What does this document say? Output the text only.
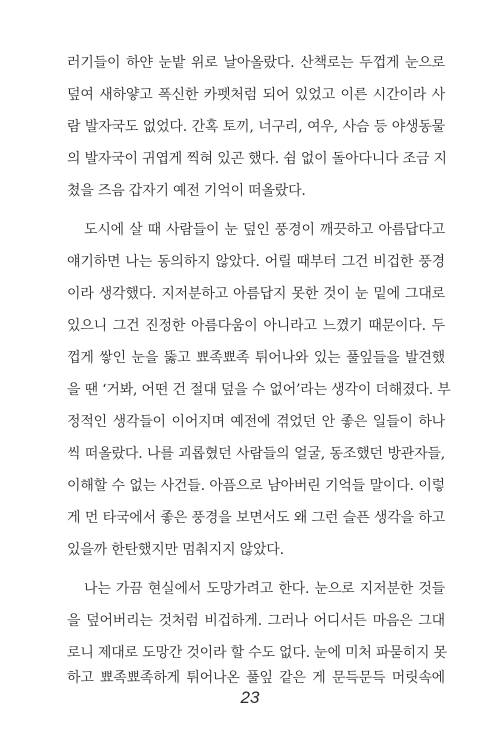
러기들이 하얀 눈밭 위로 날아올랐다. 산책로는 두껍게 눈으로
덮여 새하얗고 폭신한 카펫처럼 되어 있었고 이른 시간이라 사
람 발자국도 없었다. 간혹 토끼, 너구리, 여우, 사슴 등 야생동물
의 발자국이 귀엽게 찍혀 있곤 했다. 쉼 없이 돌아다니다 조금 지
쳤을 즈음 갑자기 예전 기억이 떠올랐다.
도시에 살 때 사람들이 눈 덮인 풍경이 깨끗하고 아름답다고
얘기하면 나는 동의하지 않았다. 어릴 때부터 그건 비겁한 풍경
이라 생각했다. 지저분하고 아름답지 못한 것이 눈 밑에 그대로
있으니 그건 진정한 아름다움이 아니라고 느꼈기 때문이다. 두
껍게 쌓인 눈을 뚫고 뾰족뾰족 튀어나와 있는 풀잎들을 발견했
을 땐 ‘거봐, 어떤 건 절대 덮을 수 없어’라는 생각이 더해졌다. 부
정적인 생각들이 이어지며 예전에 겪었던 안 좋은 일들이 하나
씩 떠올랐다. 나를 괴롭혔던 사람들의 얼굴, 동조했던 방관자들,
이해할 수 없는 사건들. 아픔으로 남아버린 기억들 말이다. 이렇
게 먼 타국에서 좋은 풍경을 보면서도 왜 그런 슬픈 생각을 하고
있을까 한탄했지만 멈춰지지 않았다.
나는 가끔 현실에서 도망가려고 한다. 눈으로 지저분한 것들
을 덮어버리는 것처럼 비겁하게. 그러나 어디서든 마음은 그대
로니 제대로 도망간 것이라 할 수도 없다. 눈에 미처 파묻히지 못
하고 뾰족뾰족하게 튀어나온 풀잎 같은 게 문득문득 머릿속에
23
